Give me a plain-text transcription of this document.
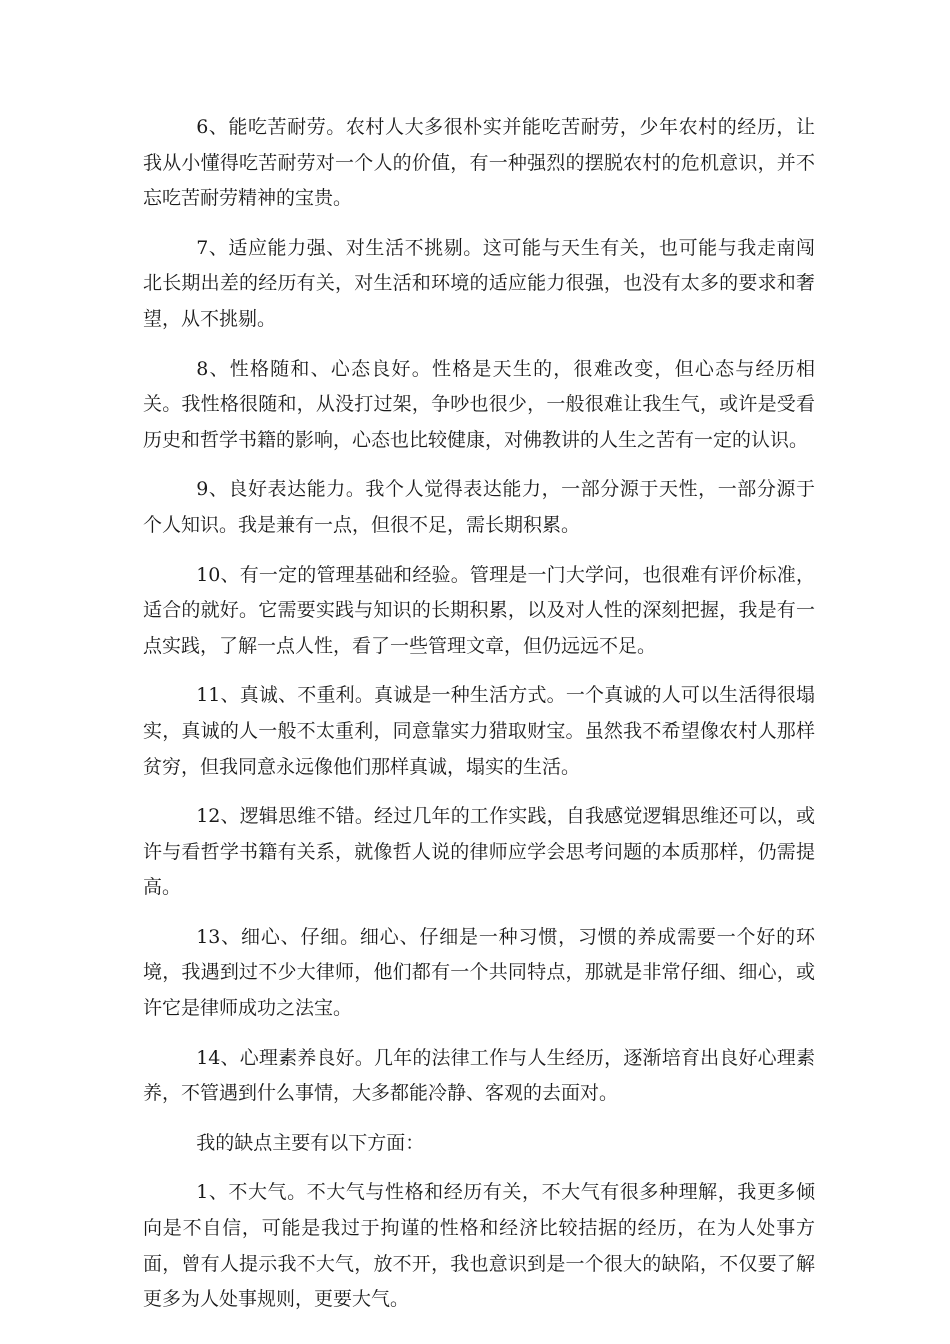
6、能吃苦耐劳。农村人大多很朴实并能吃苦耐劳，少年农村的经历，让我从小懂得吃苦耐劳对一个人的价值，有一种强烈的摆脱农村的危机意识，并不忘吃苦耐劳精神的宝贵。

7、适应能力强、对生活不挑剔。这可能与天生有关，也可能与我走南闯北长期出差的经历有关，对生活和环境的适应能力很强，也没有太多的要求和奢望，从不挑剔。

8、性格随和、心态良好。性格是天生的，很难改变，但心态与经历相关。我性格很随和，从没打过架，争吵也很少，一般很难让我生气，或许是受看历史和哲学书籍的影响，心态也比较健康，对佛教讲的人生之苦有一定的认识。

9、良好表达能力。我个人觉得表达能力，一部分源于天性，一部分源于个人知识。我是兼有一点，但很不足，需长期积累。

10、有一定的管理基础和经验。管理是一门大学问，也很难有评价标准，适合的就好。它需要实践与知识的长期积累，以及对人性的深刻把握，我是有一点实践，了解一点人性，看了一些管理文章，但仍远远不足。

11、真诚、不重利。真诚是一种生活方式。一个真诚的人可以生活得很塌实，真诚的人一般不太重利，同意靠实力猎取财宝。虽然我不希望像农村人那样贫穷，但我同意永远像他们那样真诚，塌实的生活。

12、逻辑思维不错。经过几年的工作实践，自我感觉逻辑思维还可以，或许与看哲学书籍有关系，就像哲人说的律师应学会思考问题的本质那样，仍需提高。

13、细心、仔细。细心、仔细是一种习惯，习惯的养成需要一个好的环境，我遇到过不少大律师，他们都有一个共同特点，那就是非常仔细、细心，或许它是律师成功之法宝。

14、心理素养良好。几年的法律工作与人生经历，逐渐培育出良好心理素养，不管遇到什么事情，大多都能冷静、客观的去面对。

我的缺点主要有以下方面：

1、不大气。不大气与性格和经历有关，不大气有很多种理解，我更多倾向是不自信，可能是我过于拘谨的性格和经济比较拮据的经历，在为人处事方面，曾有人提示我不大气，放不开，我也意识到是一个很大的缺陷，不仅要了解更多为人处事规则，更要大气。
